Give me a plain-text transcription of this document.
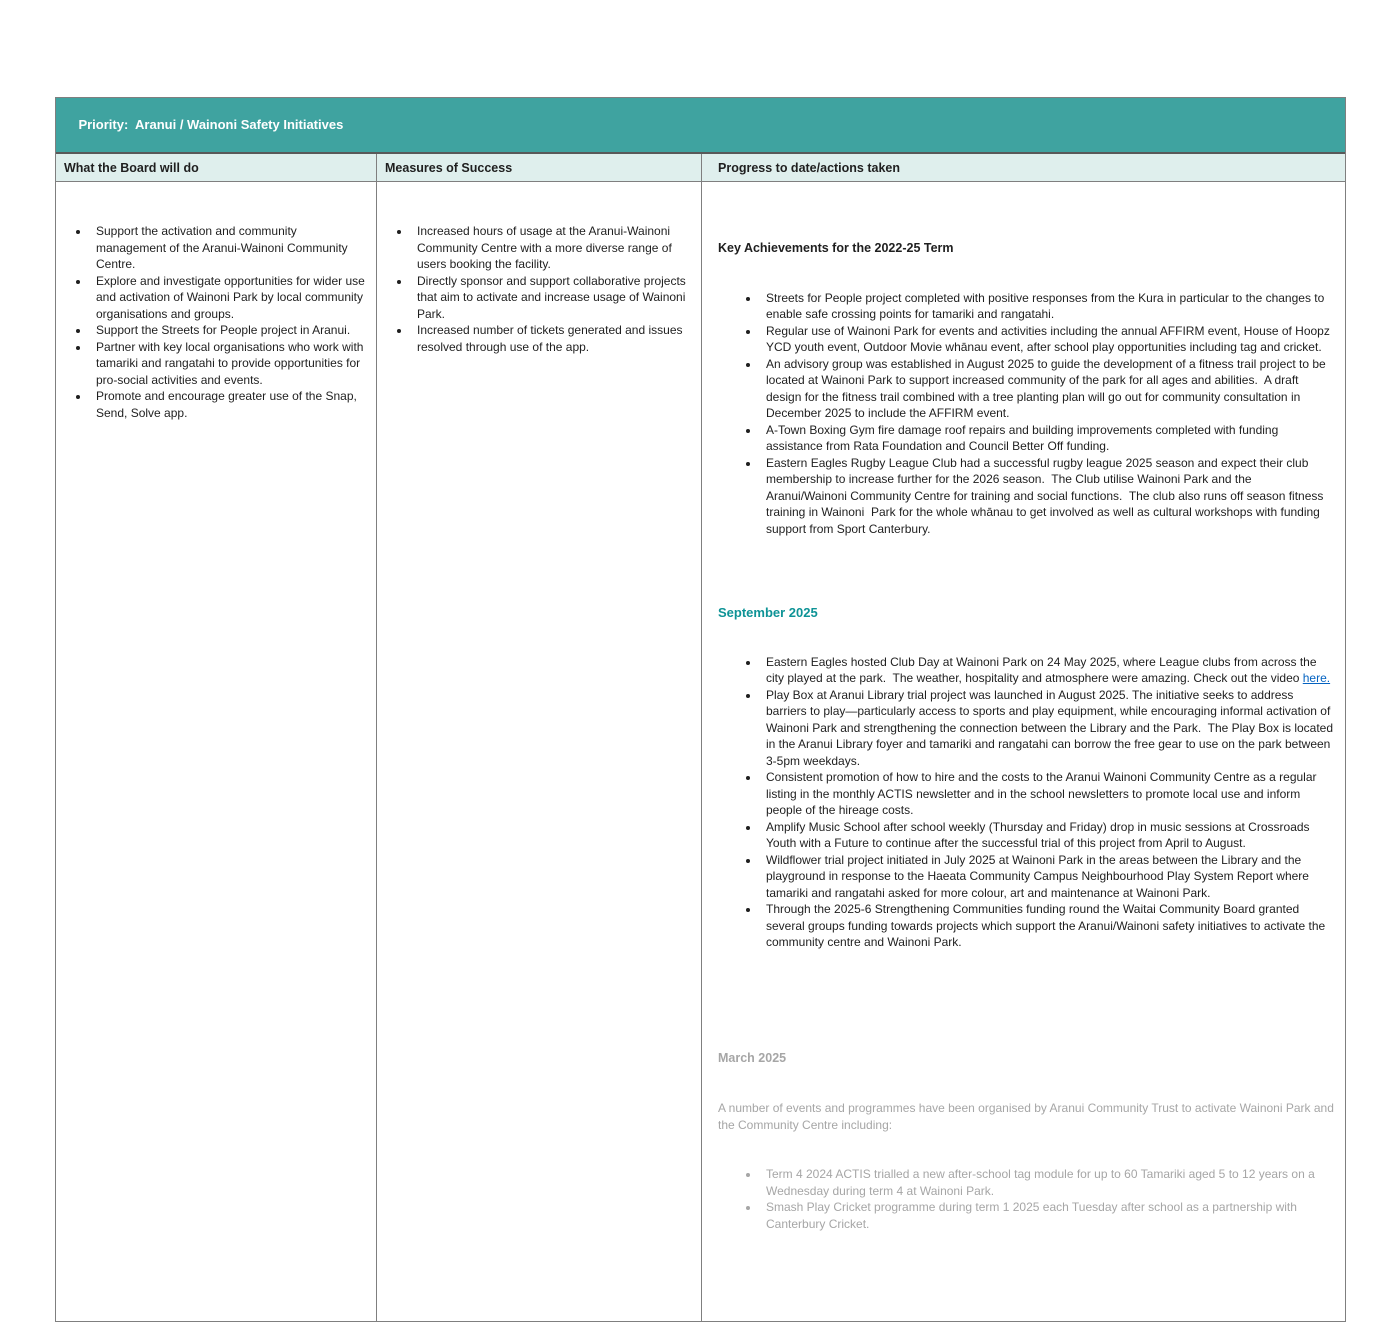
Priority:  Aranui / Wainoni Safety Initiatives

What the Board will do	Measures of Success	Progress to date/actions taken

• Support the activation and community management of the Aranui-Wainoni Community Centre.
• Explore and investigate opportunities for wider use and activation of Wainoni Park by local community organisations and groups.
• Support the Streets for People project in Aranui.
• Partner with key local organisations who work with tamariki and rangatahi to provide opportunities for pro-social activities and events.
• Promote and encourage greater use of the Snap, Send, Solve app.

• Increased hours of usage at the Aranui-Wainoni Community Centre with a more diverse range of users booking the facility.
• Directly sponsor and support collaborative projects that aim to activate and increase usage of Wainoni Park.
• Increased number of tickets generated and issues resolved through use of the app.

Key Achievements for the 2022-25 Term

• Streets for People project completed with positive responses from the Kura in particular to the changes to enable safe crossing points for tamariki and rangatahi.
• Regular use of Wainoni Park for events and activities including the annual AFFIRM event, House of Hoopz YCD youth event, Outdoor Movie whānau event, after school play opportunities including tag and cricket.
• An advisory group was established in August 2025 to guide the development of a fitness trail project to be located at Wainoni Park to support increased community of the park for all ages and abilities.  A draft design for the fitness trail combined with a tree planting plan will go out for community consultation in December 2025 to include the AFFIRM event.
• A-Town Boxing Gym fire damage roof repairs and building improvements completed with funding assistance from Rata Foundation and Council Better Off funding.
• Eastern Eagles Rugby League Club had a successful rugby league 2025 season and expect their club membership to increase further for the 2026 season.  The Club utilise Wainoni Park and the Aranui/Wainoni Community Centre for training and social functions.  The club also runs off season fitness training in Wainoni  Park for the whole whānau to get involved as well as cultural workshops with funding support from Sport Canterbury.

September 2025

• Eastern Eagles hosted Club Day at Wainoni Park on 24 May 2025, where League clubs from across the city played at the park.  The weather, hospitality and atmosphere were amazing. Check out the video here.
• Play Box at Aranui Library trial project was launched in August 2025. The initiative seeks to address barriers to play—particularly access to sports and play equipment, while encouraging informal activation of Wainoni Park and strengthening the connection between the Library and the Park.  The Play Box is located in the Aranui Library foyer and tamariki and rangatahi can borrow the free gear to use on the park between 3-5pm weekdays.
• Consistent promotion of how to hire and the costs to the Aranui Wainoni Community Centre as a regular listing in the monthly ACTIS newsletter and in the school newsletters to promote local use and inform people of the hireage costs.
• Amplify Music School after school weekly (Thursday and Friday) drop in music sessions at Crossroads Youth with a Future to continue after the successful trial of this project from April to August.
• Wildflower trial project initiated in July 2025 at Wainoni Park in the areas between the Library and the playground in response to the Haeata Community Campus Neighbourhood Play System Report where tamariki and rangatahi asked for more colour, art and maintenance at Wainoni Park.
• Through the 2025-6 Strengthening Communities funding round the Waitai Community Board granted several groups funding towards projects which support the Aranui/Wainoni safety initiatives to activate the community centre and Wainoni Park.

March 2025

A number of events and programmes have been organised by Aranui Community Trust to activate Wainoni Park and the Community Centre including:

• Term 4 2024 ACTIS trialled a new after-school tag module for up to 60 Tamariki aged 5 to 12 years on a Wednesday during term 4 at Wainoni Park.
• Smash Play Cricket programme during term 1 2025 each Tuesday after school as a partnership with Canterbury Cricket.
